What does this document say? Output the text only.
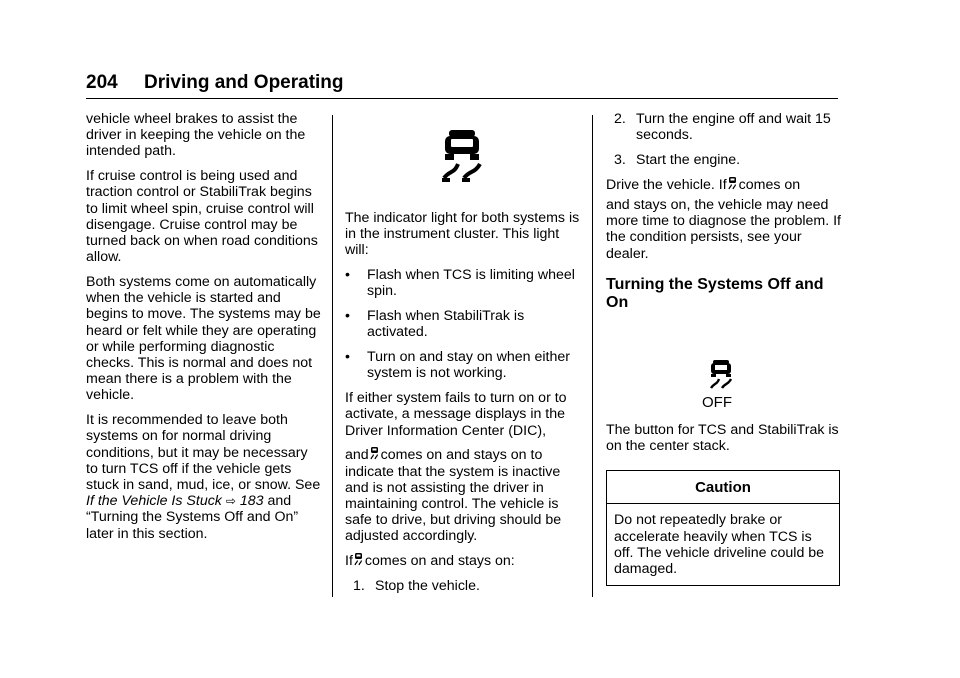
204 Driving and Operating

vehicle wheel brakes to assist the driver in keeping the vehicle on the intended path.

If cruise control is being used and traction control or StabiliTrak begins to limit wheel spin, cruise control will disengage. Cruise control may be turned back on when road conditions allow.

Both systems come on automatically when the vehicle is started and begins to move. The systems may be heard or felt while they are operating or while performing diagnostic checks. This is normal and does not mean there is a problem with the vehicle.

It is recommended to leave both systems on for normal driving conditions, but it may be necessary to turn TCS off if the vehicle gets stuck in sand, mud, ice, or snow. See If the Vehicle Is Stuck ⇨ 183 and “Turning the Systems Off and On” later in this section.

The indicator light for both systems is in the instrument cluster. This light will:

• Flash when TCS is limiting wheel spin.
• Flash when StabiliTrak is activated.
• Turn on and stay on when either system is not working.

If either system fails to turn on or to activate, a message displays in the Driver Information Center (DIC),

and comes on and stays on to indicate that the system is inactive and is not assisting the driver in maintaining control. The vehicle is safe to drive, but driving should be adjusted accordingly.

If comes on and stays on:

1. Stop the vehicle.
2. Turn the engine off and wait 15 seconds.
3. Start the engine.

Drive the vehicle. If comes on

and stays on, the vehicle may need more time to diagnose the problem. If the condition persists, see your dealer.

Turning the Systems Off and On
OFF

The button for TCS and StabiliTrak is on the center stack.

Caution
Do not repeatedly brake or accelerate heavily when TCS is off. The vehicle driveline could be damaged.
